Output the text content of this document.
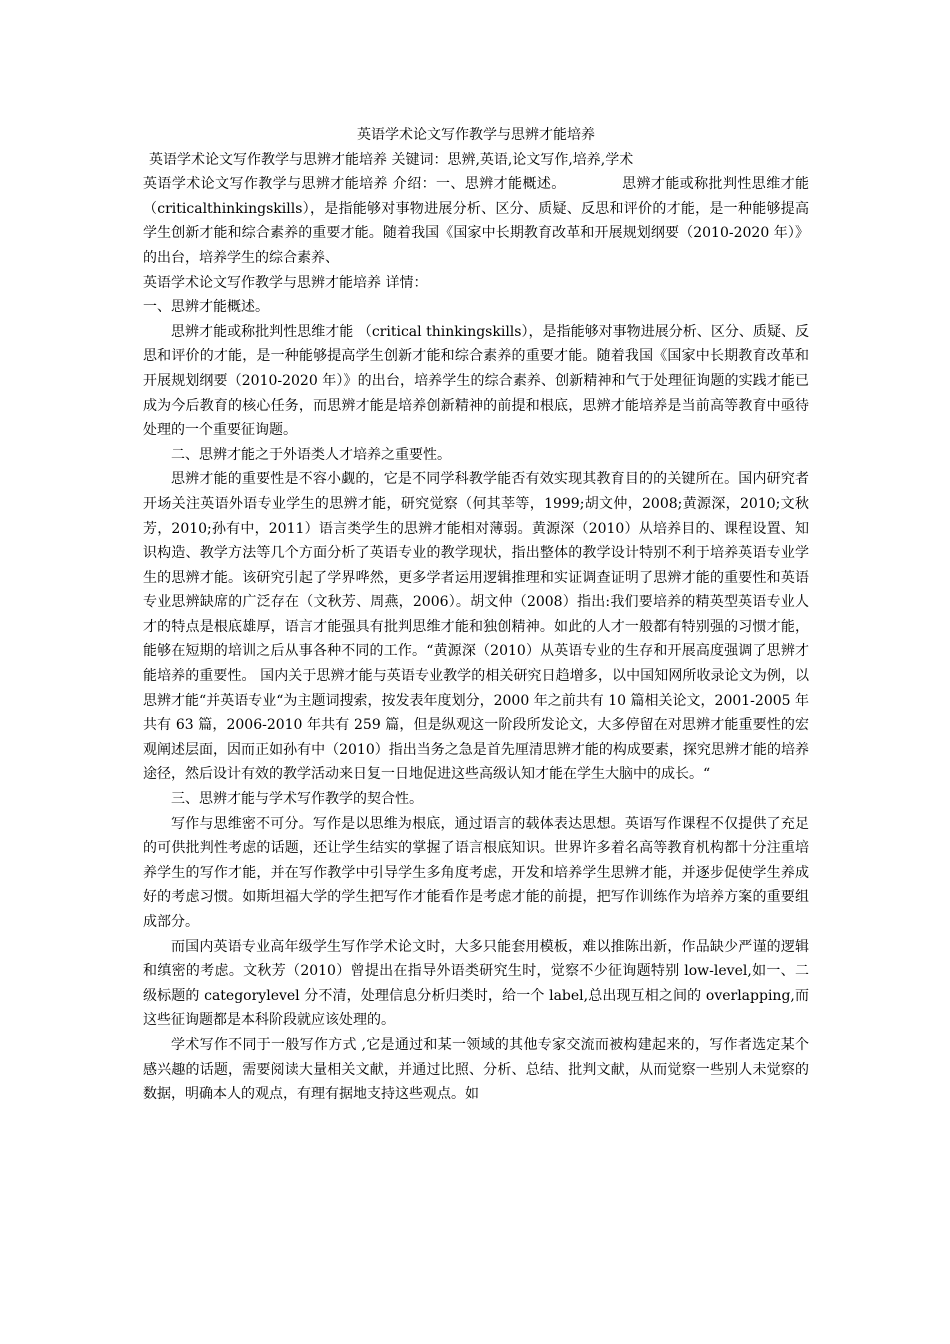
英语学术论文写作教学与思辨才能培养

英语学术论文写作教学与思辨才能培养 关键词：思辨,英语,论文写作,培养,学术

英语学术论文写作教学与思辨才能培养 介绍：一、思辨才能概述。	思辨才能或称批判性思维才能（criticalthinkingskills），是指能够对事物进展分析、区分、质疑、反思和评价的才能，是一种能够提高学生创新才能和综合素养的重要才能。随着我国《国家中长期教育改革和开展规划纲要（2010-2020 年）》的出台，培养学生的综合素养、

英语学术论文写作教学与思辨才能培养 详情：

一、思辨才能概述。

思辨才能或称批判性思维才能 （critical thinkingskills），是指能够对事物进展分析、区分、质疑、反思和评价的才能，是一种能够提高学生创新才能和综合素养的重要才能。随着我国《国家中长期教育改革和开展规划纲要（2010-2020 年）》的出台，培养学生的综合素养、创新精神和气于处理征询题的实践才能已成为今后教育的核心任务，而思辨才能是培养创新精神的前提和根底，思辨才能培养是当前高等教育中亟待处理的一个重要征询题。

二、思辨才能之于外语类人才培养之重要性。

思辨才能的重要性是不容小觑的，它是不同学科教学能否有效实现其教育目的的关键所在。国内研究者开场关注英语外语专业学生的思辨才能，研究觉察（何其莘等，1999;胡文仲，2008;黄源深，2010;文秋芳，2010;孙有中，2011）语言类学生的思辨才能相对薄弱。黄源深（2010）从培养目的、课程设置、知识构造、教学方法等几个方面分析了英语专业的教学现状，指出整体的教学设计特别不利于培养英语专业学生的思辨才能。该研究引起了学界哗然，更多学者运用逻辑推理和实证调查证明了思辨才能的重要性和英语专业思辨缺席的广泛存在（文秋芳、周燕，2006）。胡文仲（2008）指出:我们要培养的精英型英语专业人才的特点是根底雄厚，语言才能强具有批判思维才能和独创精神。如此的人才一般都有特别强的习惯才能，能够在短期的培训之后从事各种不同的工作。“黄源深（2010）从英语专业的生存和开展高度强调了思辨才能培养的重要性。 国内关于思辨才能与英语专业教学的相关研究日趋增多，以中国知网所收录论文为例，以思辨才能“并英语专业“为主题词搜索，按发表年度划分，2000 年之前共有 10 篇相关论文，2001-2005 年共有 63 篇，2006-2010 年共有 259 篇，但是纵观这一阶段所发论文，大多停留在对思辨才能重要性的宏观阐述层面，因而正如孙有中（2010）指出当务之急是首先厘清思辨才能的构成要素，探究思辨才能的培养途径，然后设计有效的教学活动来日复一日地促进这些高级认知才能在学生大脑中的成长。“

三、思辨才能与学术写作教学的契合性。

写作与思维密不可分。写作是以思维为根底，通过语言的载体表达思想。英语写作课程不仅提供了充足的可供批判性考虑的话题，还让学生结实的掌握了语言根底知识。世界许多着名高等教育机构都十分注重培养学生的写作才能，并在写作教学中引导学生多角度考虑，开发和培养学生思辨才能，并逐步促使学生养成好的考虑习惯。如斯坦福大学的学生把写作才能看作是考虑才能的前提，把写作训练作为培养方案的重要组成部分。

而国内英语专业高年级学生写作学术论文时，大多只能套用模板，难以推陈出新，作品缺少严谨的逻辑和缜密的考虑。文秋芳（2010）曾提出在指导外语类研究生时，觉察不少征询题特别 low-level,如一、二级标题的 categorylevel 分不清，处理信息分析归类时，给一个 label,总出现互相之间的 overlapping,而这些征询题都是本科阶段就应该处理的。

学术写作不同于一般写作方式 ,它是通过和某一领域的其他专家交流而被构建起来的，写作者选定某个感兴趣的话题，需要阅读大量相关文献，并通过比照、分析、总结、批判文献，从而觉察一些别人未觉察的数据，明确本人的观点，有理有据地支持这些观点。如
